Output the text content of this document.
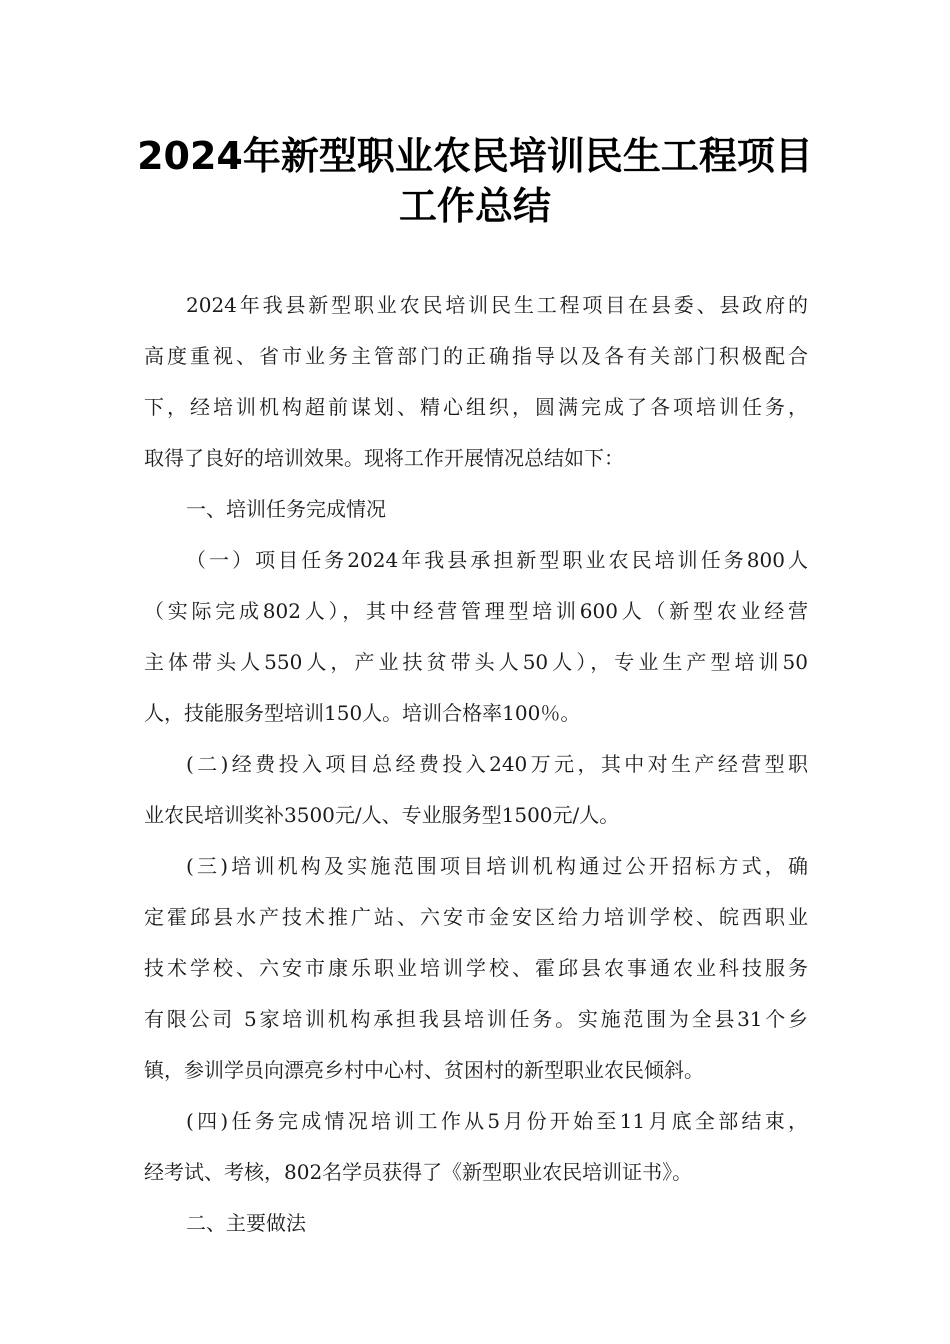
2024年新型职业农民培训民生工程项目
工作总结
2024年我县新型职业农民培训民生工程项目在县委、县政府的
高度重视、省市业务主管部门的正确指导以及各有关部门积极配合
下，经培训机构超前谋划、精心组织，圆满完成了各项培训任务，
取得了良好的培训效果。现将工作开展情况总结如下：
一、培训任务完成情况
（一）项目任务2024年我县承担新型职业农民培训任务800人
（实际完成802人），其中经营管理型培训600人（新型农业经营
主体带头人550人，产业扶贫带头人50人），专业生产型培训50
人，技能服务型培训150人。培训合格率100％。
(二)经费投入项目总经费投入240万元，其中对生产经营型职
业农民培训奖补3500元/人、专业服务型1500元/人。
(三)培训机构及实施范围项目培训机构通过公开招标方式，确
定霍邱县水产技术推广站、六安市金安区给力培训学校、皖西职业
技术学校、六安市康乐职业培训学校、霍邱县农事通农业科技服务
有限公司 5家培训机构承担我县培训任务。实施范围为全县31个乡
镇，参训学员向漂亮乡村中心村、贫困村的新型职业农民倾斜。
(四)任务完成情况培训工作从5月份开始至11月底全部结束，
经考试、考核，802名学员获得了《新型职业农民培训证书》。
二、主要做法
